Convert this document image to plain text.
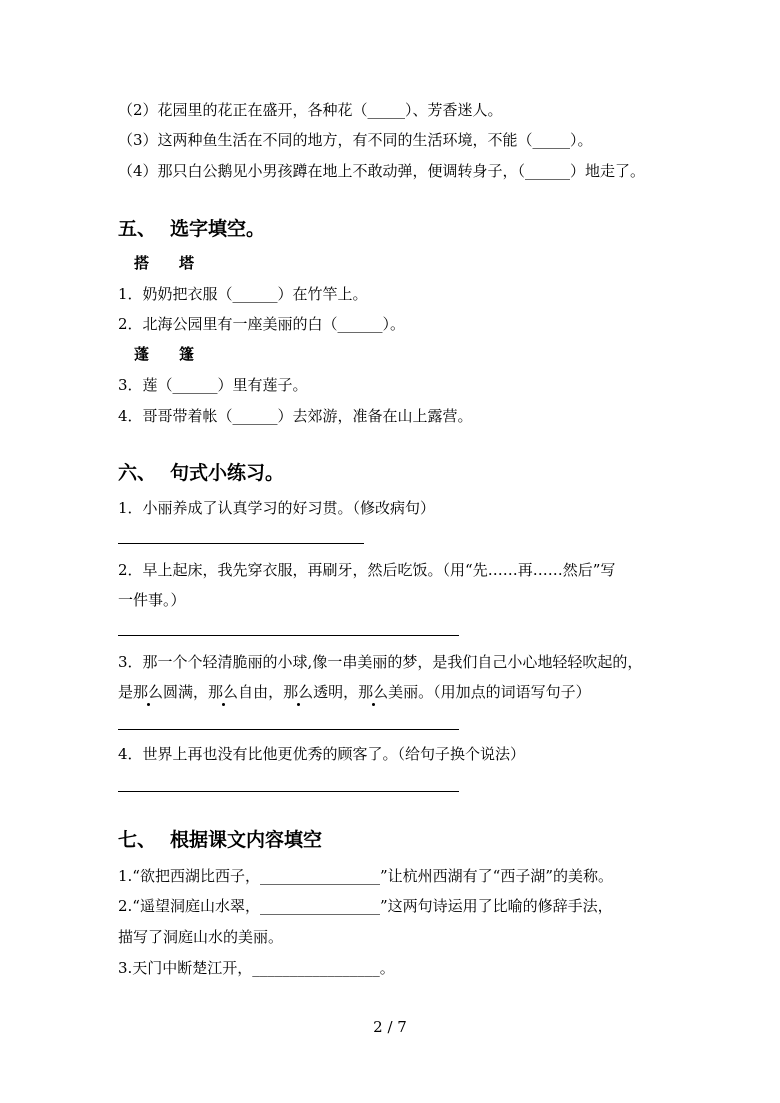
（2）花园里的花正在盛开，各种花（_____）、芳香迷人。
（3）这两种鱼生活在不同的地方，有不同的生活环境，不能（_____）。
（4）那只白公鹅见小男孩蹲在地上不敢动弹，便调转身子，（______）地走了。
五、 选字填空。
搭 塔
1．奶奶把衣服（______）在竹竿上。
2．北海公园里有一座美丽的白（______）。
蓬 篷
3．莲（______）里有莲子。
4．哥哥带着帐（______）去郊游，准备在山上露营。
六、 句式小练习。
1．小丽养成了认真学习的好习贯。（修改病句）
2．早上起床，我先穿衣服，再刷牙，然后吃饭。（用“先……再……然后”写
一件事。）
3．那一个个轻清脆丽的小球,像一串美丽的梦，是我们自己小心地轻轻吹起的，
是那么圆满，那么自由，那么透明，那么美丽。（用加点的词语写句子）
4．世界上再也没有比他更优秀的顾客了。（给句子换个说法）
七、 根据课文内容填空
1.“欲把西湖比西子，________________”让杭州西湖有了“西子湖”的美称。
2.“遥望洞庭山水翠，________________”这两句诗运用了比喻的修辞手法，
描写了洞庭山水的美丽。
3.天门中断楚江开，_________________。
2 / 7
